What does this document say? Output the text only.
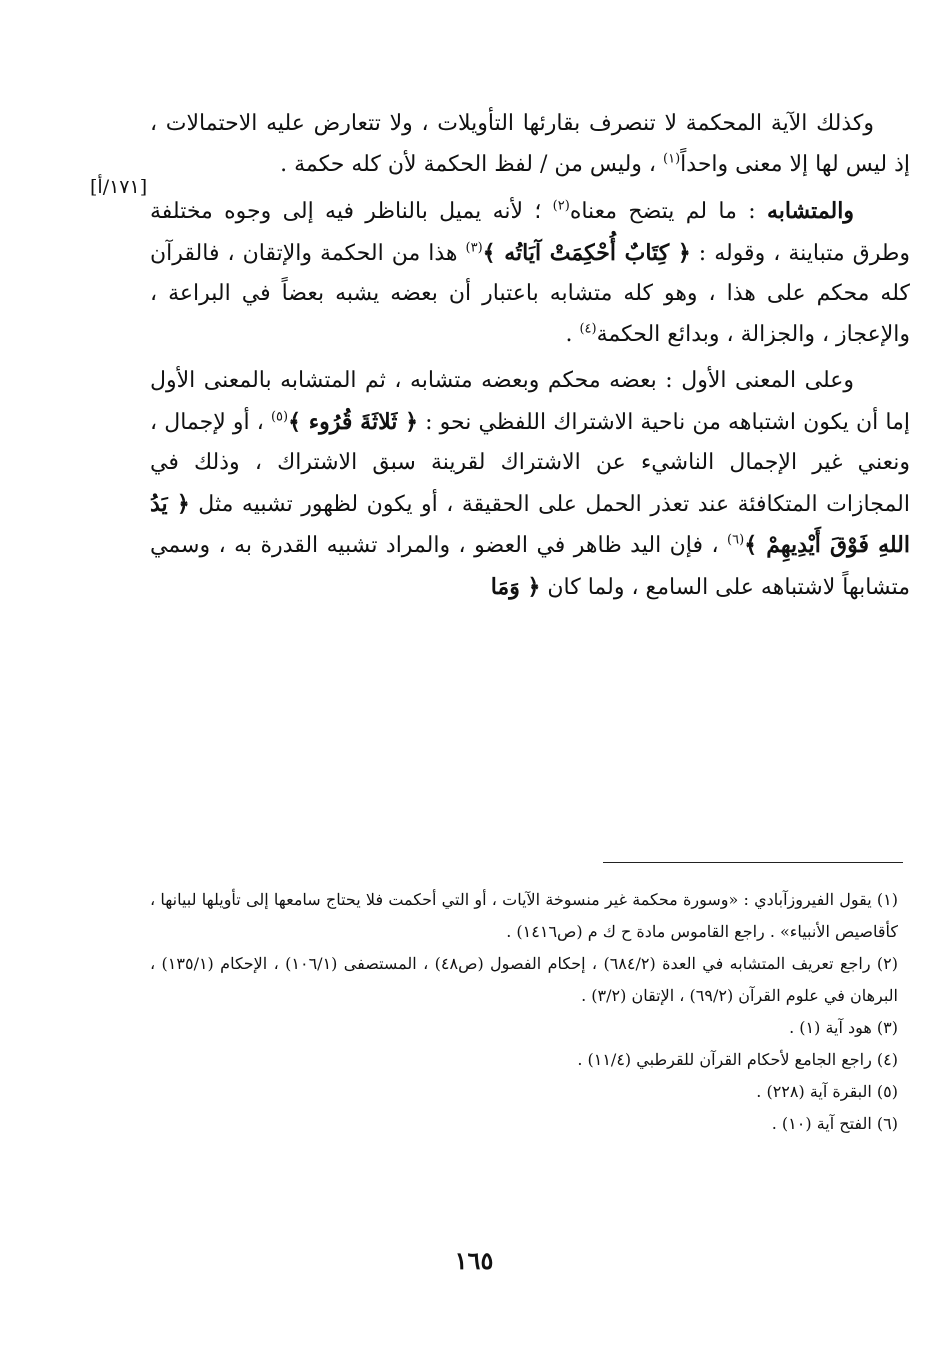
[١٧١/أ]

وكذلك الآية المحكمة لا تنصرف بقارئها التأويلات ، ولا تتعارض عليه الاحتمالات ، إذ ليس لها إلا معنى واحداً$^{(١)}$ ، وليس من / لفظ الحكمة لأن كله حكمة .

والمتشابه : ما لم يتضح معناه$^{(٢)}$ ؛ لأنه يميل بالناظر فيه إلى وجوه مختلفة وطرق متباينة ، وقوله : ﴿ كِتَابٌ أُحْكِمَتْ آيَاتُه ﴾$^{(٣)}$ هذا من الحكمة والإتقان ، فالقرآن كله محكم على هذا ، وهو كله متشابه باعتبار أن بعضه يشبه بعضاً في البراعة ، والإعجاز ، والجزالة ، وبدائع الحكمة$^{(٤)}$ .

وعلى المعنى الأول : بعضه محكم وبعضه متشابه ، ثم المتشابه بالمعنى الأول إما أن يكون اشتباهه من ناحية الاشتراك اللفظي نحو : ﴿ ثَلاثَةَ قُرُوء ﴾$^{(٥)}$ ، أو لإجمال ، ونعني غير الإجمال الناشيء عن الاشتراك لقرينة سبق الاشتراك ، وذلك في المجازات المتكافئة عند تعذر الحمل على الحقيقة ، أو يكون لظهور تشبيه مثل ﴿ يَدُ اللهِ فَوْقَ أَيْدِيهِمْ ﴾$^{(٦)}$ ، فإن اليد ظاهر في العضو ، والمراد تشبيه القدرة به ، وسمي متشابهاً لاشتباهه على السامع ، ولما كان ﴿ وَمَا

(١) يقول الفيروزآبادي : «وسورة محكمة غير منسوخة الآيات ، أو التي أحكمت فلا يحتاج سامعها إلى تأويلها لبيانها ، كأقاصيص الأنبياء» . راجع القاموس مادة ح ك م (ص١٤١٦) .

(٢) راجع تعريف المتشابه في العدة (٦٨٤/٢) ، إحكام الفصول (ص٤٨) ، المستصفى (١٠٦/١) ، الإحكام (١٣٥/١) ، البرهان في علوم القرآن (٦٩/٢) ، الإتقان (٣/٢) .

(٣) هود آية (١) .

(٤) راجع الجامع لأحكام القرآن للقرطبي (١١/٤) .

(٥) البقرة آية (٢٢٨) .

(٦) الفتح آية (١٠) .

١٦٥
